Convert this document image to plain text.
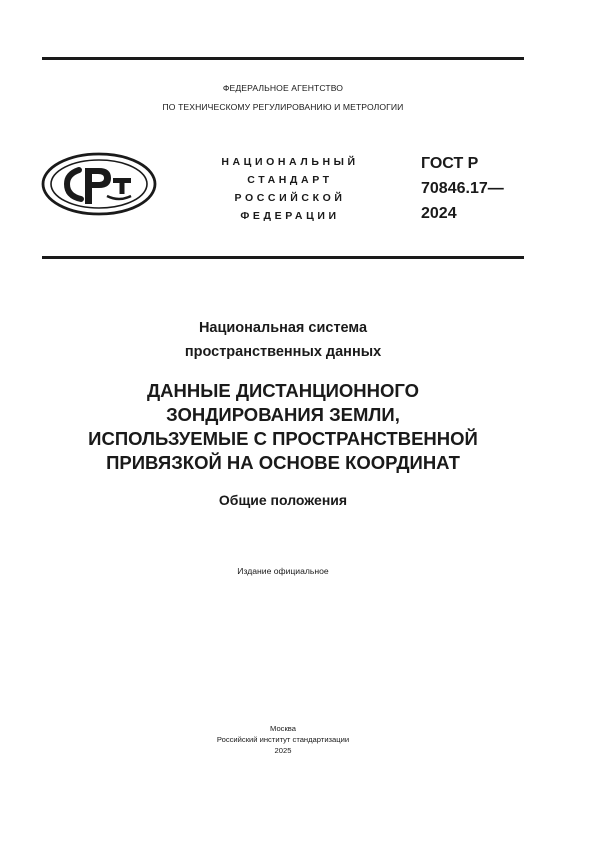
ФЕДЕРАЛЬНОЕ АГЕНТСТВО
ПО ТЕХНИЧЕСКОМУ РЕГУЛИРОВАНИЮ И МЕТРОЛОГИИ
НАЦИОНАЛЬНЫЙ
СТАНДАРТ
РОССИЙСКОЙ
ФЕДЕРАЦИИ
ГОСТ Р
70846.17—
2024
Национальная система
пространственных данных
ДАННЫЕ ДИСТАНЦИОННОГО
ЗОНДИРОВАНИЯ ЗЕМЛИ,
ИСПОЛЬЗУЕМЫЕ С ПРОСТРАНСТВЕННОЙ
ПРИВЯЗКОЙ НА ОСНОВЕ КООРДИНАТ
Общие положения
Издание официальное
Москва
Российский институт стандартизации
2025
